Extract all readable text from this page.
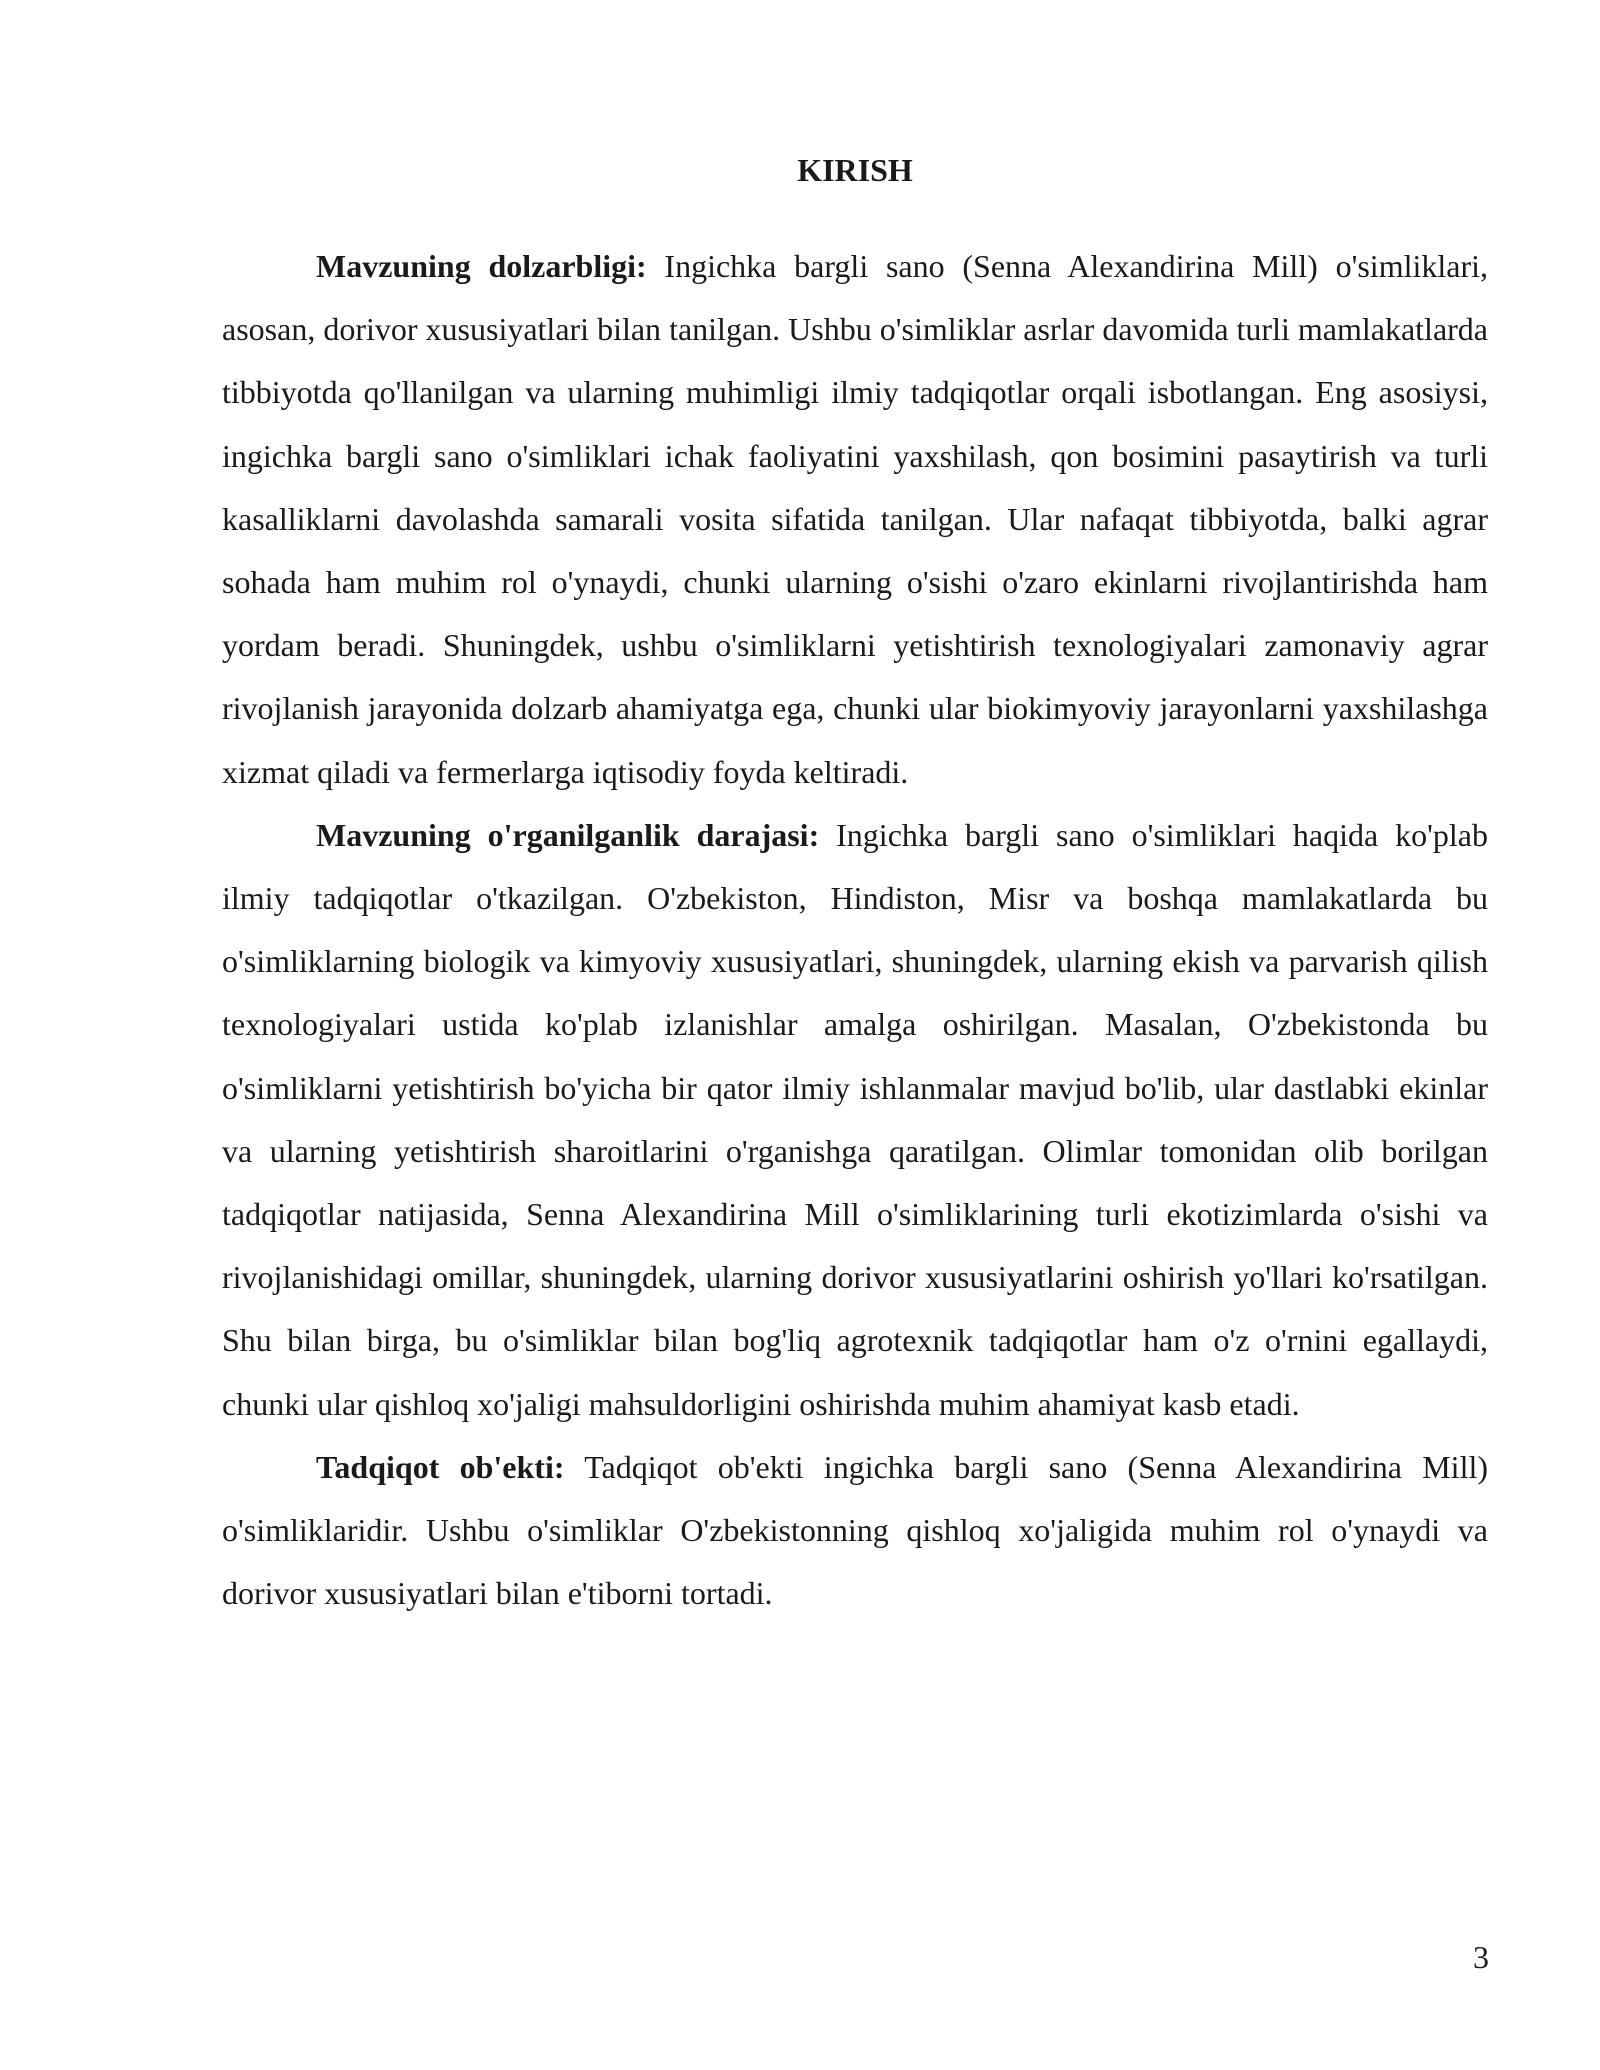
KIRISH

Mavzuning dolzarbligi: Ingichka bargli sano (Senna Alexandirina Mill) o'simliklari, asosan, dorivor xususiyatlari bilan tanilgan. Ushbu o'simliklar asrlar davomida turli mamlakatlarda tibbiyotda qo'llanilgan va ularning muhimligi ilmiy tadqiqotlar orqali isbotlangan. Eng asosiysi, ingichka bargli sano o'simliklari ichak faoliyatini yaxshilash, qon bosimini pasaytirish va turli kasalliklarni davolashda samarali vosita sifatida tanilgan. Ular nafaqat tibbiyotda, balki agrar sohada ham muhim rol o'ynaydi, chunki ularning o'sishi o'zaro ekinlarni rivojlantirishda ham yordam beradi. Shuningdek, ushbu o'simliklarni yetishtirish texnologiyalari zamonaviy agrar rivojlanish jarayonida dolzarb ahamiyatga ega, chunki ular biokimyoviy jarayonlarni yaxshilashga xizmat qiladi va fermerlarga iqtisodiy foyda keltiradi.

Mavzuning o'rganilganlik darajasi: Ingichka bargli sano o'simliklari haqida ko'plab ilmiy tadqiqotlar o'tkazilgan. O'zbekiston, Hindiston, Misr va boshqa mamlakatlarda bu o'simliklarning biologik va kimyoviy xususiyatlari, shuningdek, ularning ekish va parvarish qilish texnologiyalari ustida ko'plab izlanishlar amalga oshirilgan. Masalan, O'zbekistonda bu o'simliklarni yetishtirish bo'yicha bir qator ilmiy ishlanmalar mavjud bo'lib, ular dastlabki ekinlar va ularning yetishtirish sharoitlarini o'rganishga qaratilgan. Olimlar tomonidan olib borilgan tadqiqotlar natijasida, Senna Alexandirina Mill o'simliklarining turli ekotizimlarda o'sishi va rivojlanishidagi omillar, shuningdek, ularning dorivor xususiyatlarini oshirish yo'llari ko'rsatilgan. Shu bilan birga, bu o'simliklar bilan bog'liq agrotexnik tadqiqotlar ham o'z o'rnini egallaydi, chunki ular qishloq xo'jaligi mahsuldorligini oshirishda muhim ahamiyat kasb etadi.

Tadqiqot ob'ekti: Tadqiqot ob'ekti ingichka bargli sano (Senna Alexandirina Mill) o'simliklaridir. Ushbu o'simliklar O'zbekistonning qishloq xo'jaligida muhim rol o'ynaydi va dorivor xususiyatlari bilan e'tiborni tortadi.

3
